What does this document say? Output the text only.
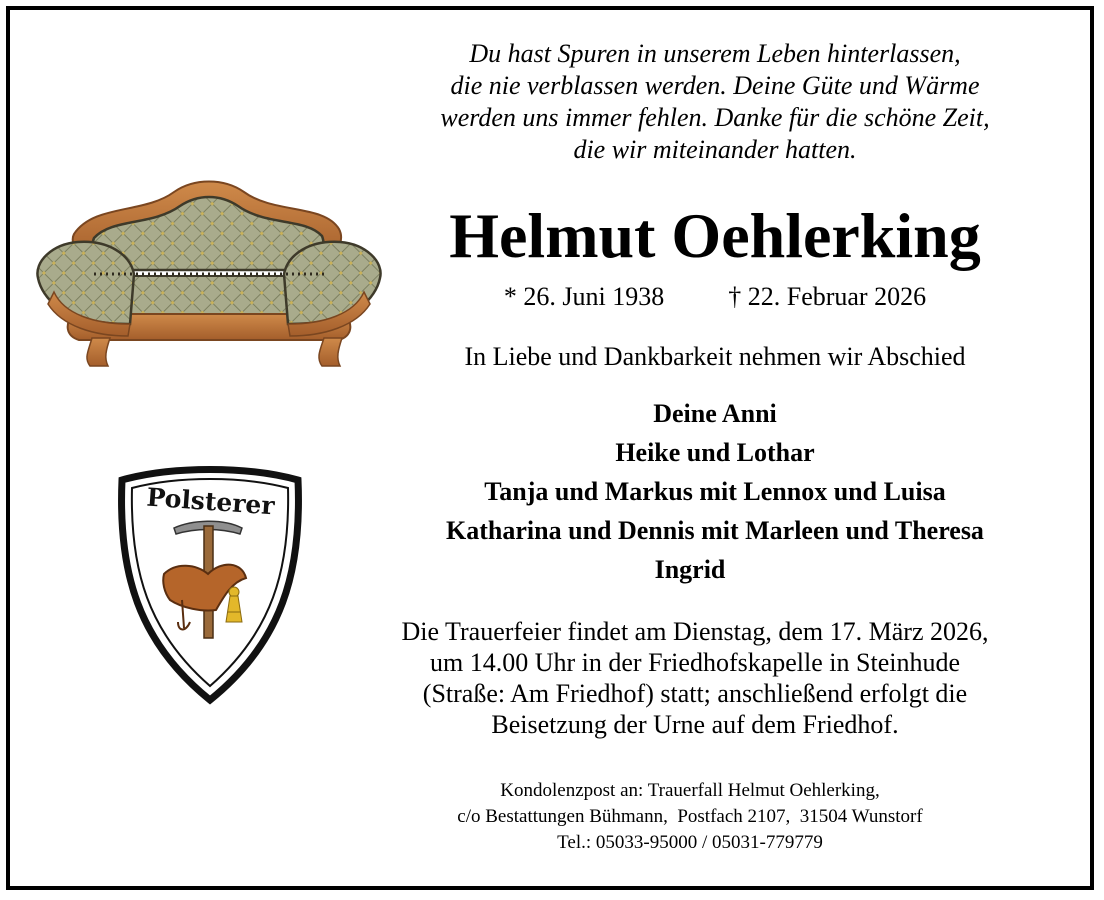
Du hast Spuren in unserem Leben hinterlassen,
die nie verblassen werden. Deine Güte und Wärme
werden uns immer fehlen. Danke für die schöne Zeit,
die wir miteinander hatten.
Helmut Oehlerking
* 26. Juni 1938 † 22. Februar 2026
In Liebe und Dankbarkeit nehmen wir Abschied
Deine Anni
Heike und Lothar
Tanja und Markus mit Lennox und Luisa
Katharina und Dennis mit Marleen und Theresa
Ingrid
Die Trauerfeier findet am Dienstag, dem 17. März 2026,
um 14.00 Uhr in der Friedhofskapelle in Steinhude
(Straße: Am Friedhof) statt; anschließend erfolgt die
Beisetzung der Urne auf dem Friedhof.
Kondolenzpost an: Trauerfall Helmut Oehlerking,
c/o Bestattungen Bühmann,  Postfach 2107,  31504 Wunstorf
Tel.: 05033-95000 / 05031-779779
Polsterer
